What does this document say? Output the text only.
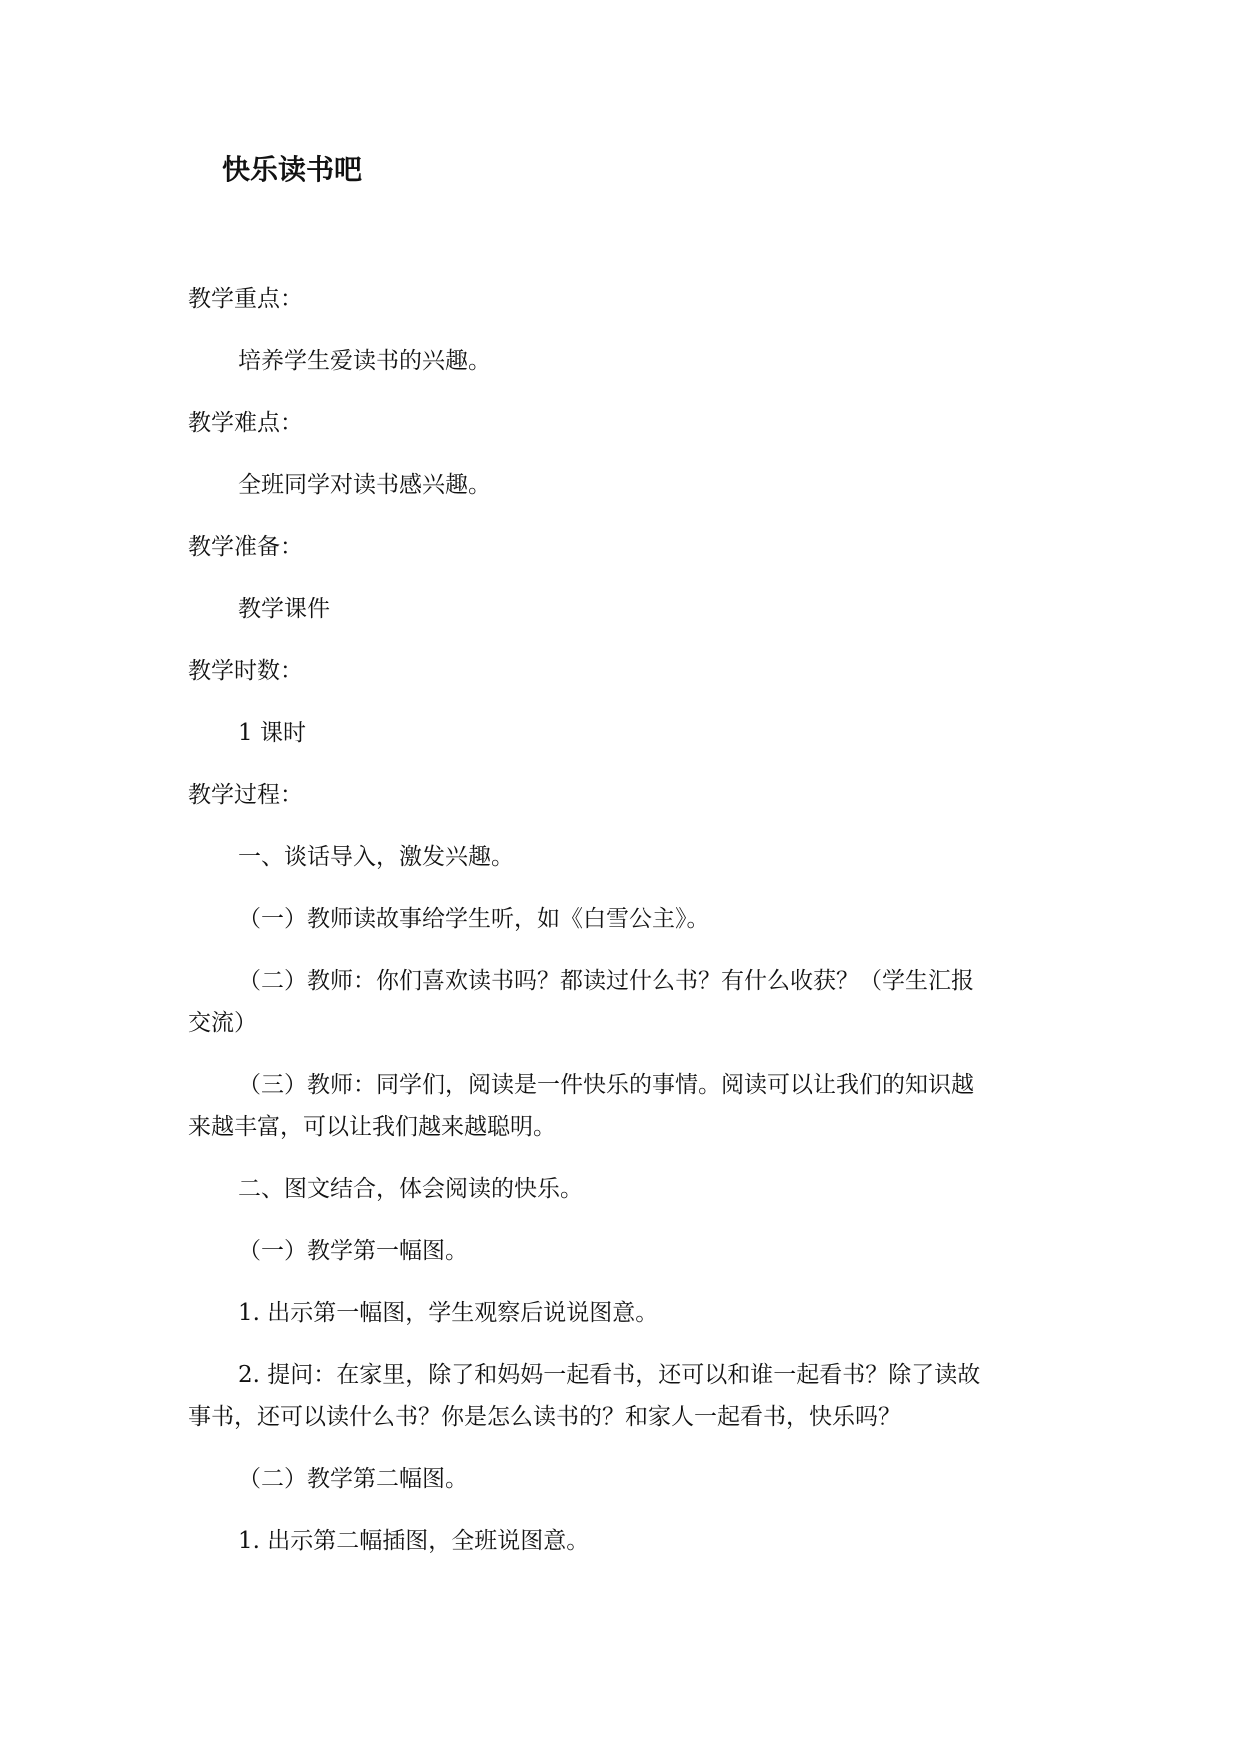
快乐读书吧
教学重点：
培养学生爱读书的兴趣。
教学难点：
全班同学对读书感兴趣。
教学准备：
教学课件
教学时数：
1 课时
教学过程：
一、谈话导入，激发兴趣。
（一）教师读故事给学生听，如《白雪公主》。
（二）教师：你们喜欢读书吗？都读过什么书？有什么收获？（学生汇报
交流）
（三）教师：同学们，阅读是一件快乐的事情。阅读可以让我们的知识越
来越丰富，可以让我们越来越聪明。
二、图文结合，体会阅读的快乐。
（一）教学第一幅图。
1. 出示第一幅图，学生观察后说说图意。
2. 提问：在家里，除了和妈妈一起看书，还可以和谁一起看书？除了读故
事书，还可以读什么书？你是怎么读书的？和家人一起看书，快乐吗？
（二）教学第二幅图。
1. 出示第二幅插图，全班说图意。
